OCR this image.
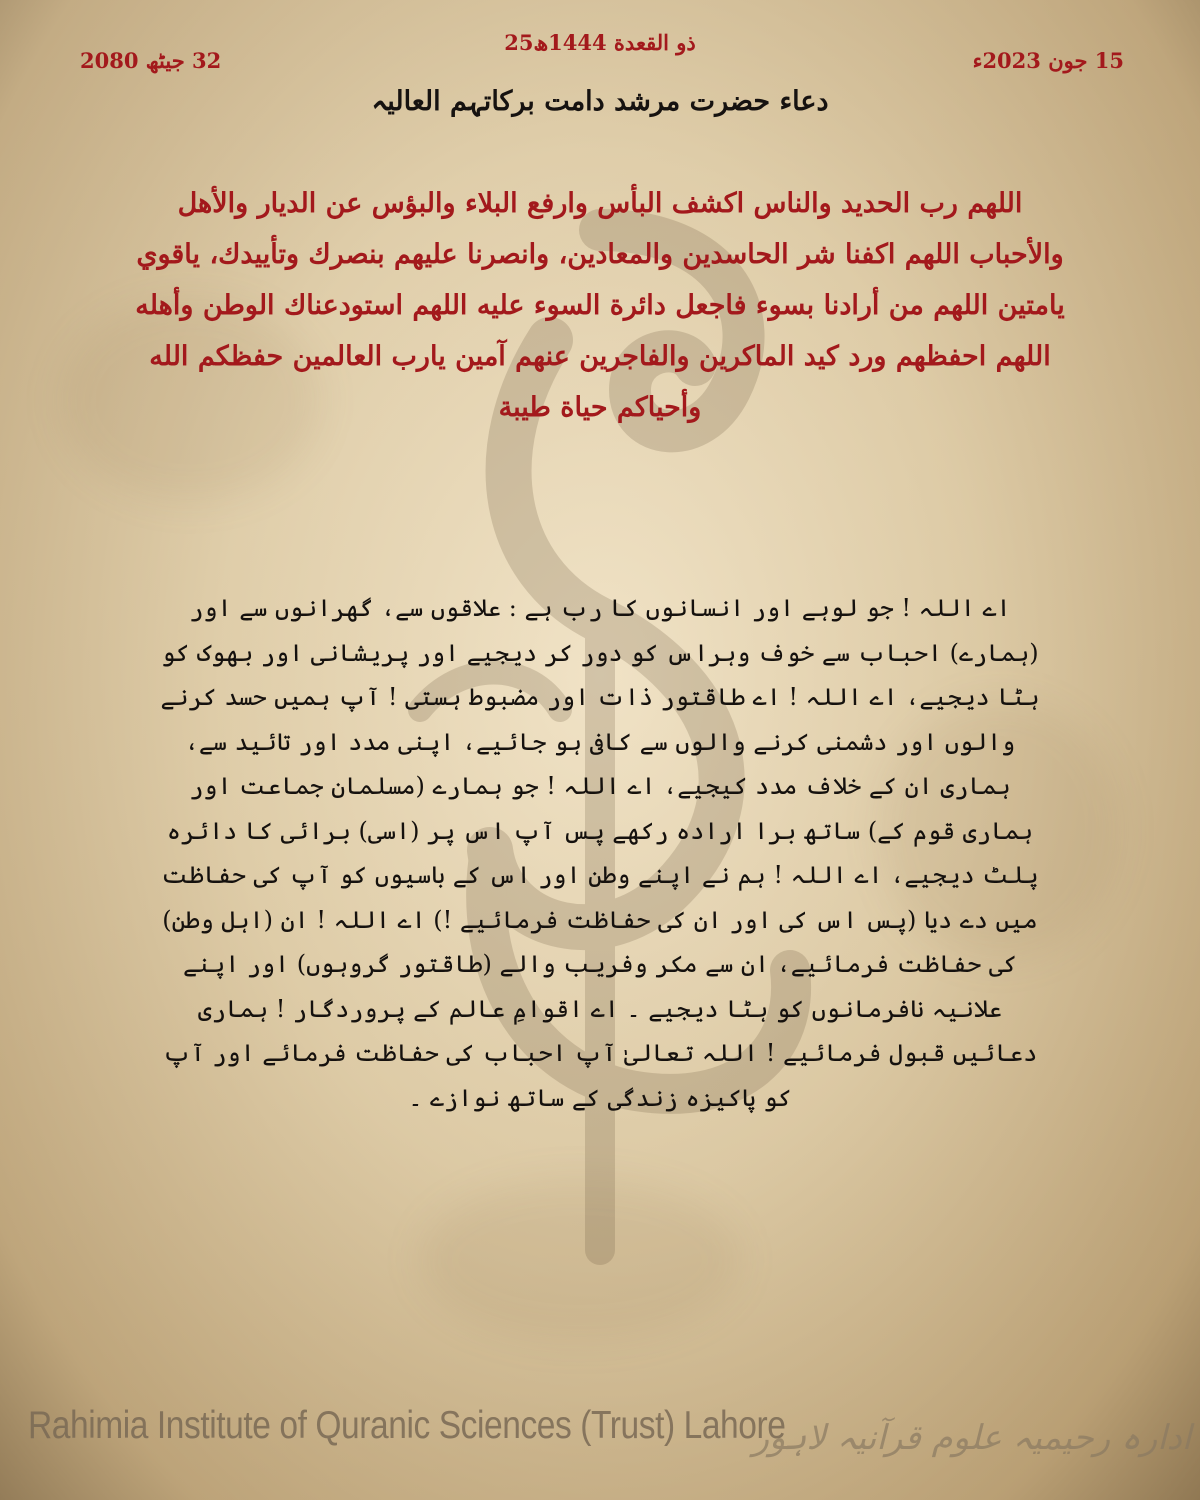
25ذو القعدة 1444ھ
15 جون 2023ء
32 جیٹھ 2080
دعاء حضرت مرشد دامت برکاتہم العالیہ

اللهم رب الحديد والناس اكشف البأس وارفع البلاء والبؤس عن الديار والأهل والأحباب اللهم اكفنا شر الحاسدين والمعادين، وانصرنا عليهم بنصرك وتأييدك، ياقوي يامتين اللهم من أرادنا بسوء فاجعل دائرة السوء عليه اللهم استودعناك الوطن وأهله اللهم احفظهم ورد كيد الماكرين والفاجرين عنهم آمين يارب العالمين حفظكم الله وأحياكم حياة طيبة

اے اللہ ! جو لوہے اور انسانوں کا رب ہے : علاقوں سے، گھرانوں سے اور (ہمارے) احباب سے خوف وہراس کو دور کر دیجیے اور پریشانی اور بھوک کو ہٹا دیجیے، اے اللہ ! اے طاقتور ذات اور مضبوط ہستی ! آپ ہمیں حسد کرنے والوں اور دشمنی کرنے والوں سے کافی ہو جائیے، اپنی مدد اور تائید سے، ہماری ان کے خلاف مدد کیجیے، اے اللہ ! جو ہمارے (مسلمان جماعت اور ہماری قوم کے) ساتھ برا ارادہ رکھے پس آپ اس پر (اسی) برائی کا دائرہ پلٹ دیجیے، اے اللہ ! ہم نے اپنے وطن اور اس کے باسیوں کو آپ کی حفاظت میں دے دیا (پس اس کی اور ان کی حفاظت فرمائیے !) اے اللہ ! ان (اہل وطن) کی حفاظت فرمائیے، ان سے مکر وفریب والے (طاقتور گروہوں) اور اپنے علانیہ نافرمانوں کو ہٹا دیجیے ۔ اے اقوامِ عالم کے پروردگار ! ہماری دعائیں قبول فرمائیے ! اللہ تعالیٰ آپ احباب کی حفاظت فرمائے اور آپ کو پاکیزہ زندگی کے ساتھ نوازے ۔

Rahimia Institute of Quranic Sciences (Trust) Lahore
ادارہ رحیمیہ علوم قرآنیہ لاہور
